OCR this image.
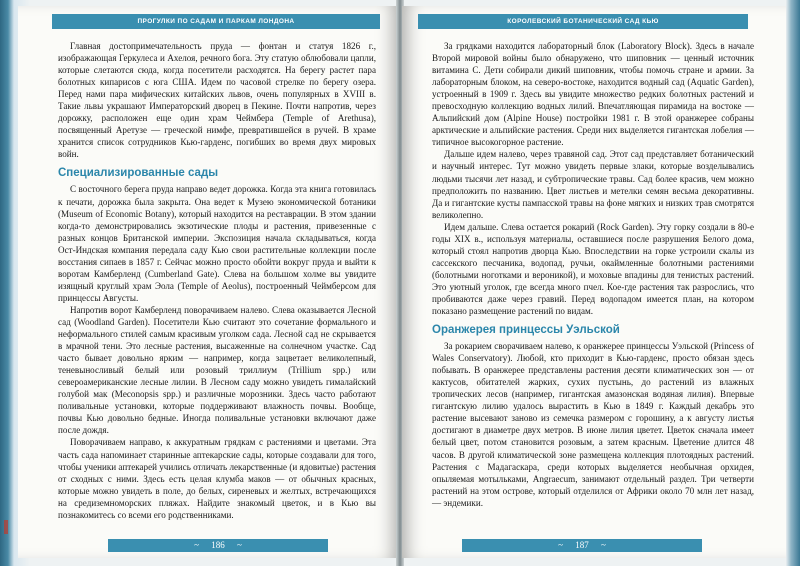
ПРОГУЛКИ ПО САДАМ И ПАРКАМ ЛОНДОНА

Главная достопримечательность пруда — фонтан и статуя 1826 г., изображающая Геркулеса и Ахелоя, речного бога. Эту статую облюбовали цапли, которые слетаются сюда, когда посетители расходятся. На берегу растет пара болотных кипарисов с юга США. Идем по часовой стрелке по берегу озера. Перед нами пара мифических китайских львов, очень популярных в XVIII в. Такие львы украшают Императорский дворец в Пекине. Почти напротив, через дорожку, расположен еще один храм Чеймбера (Temple of Arethusa), посвященный Аретузе — греческой нимфе, превратившейся в ручей. В храме хранится список сотрудников Кью-гарденс, погибших во время двух мировых войн.

Специализированные сады

С восточного берега пруда направо ведет дорожка. Когда эта книга готовилась к печати, дорожка была закрыта. Она ведет к Музею экономической ботаники (Museum of Economic Botany), который находится на реставрации. В этом здании когда-то демонстрировались экзотические плоды и растения, привезенные с разных концов Британской империи. Экспозиция начала складываться, когда Ост-Индская компания передала саду Кью свои растительные коллекции после восстания сипаев в 1857 г. Сейчас можно просто обойти вокруг пруда и выйти к воротам Камберленд (Cumberland Gate). Слева на большом холме вы увидите изящный круглый храм Эола (Temple of Aeolus), построенный Чеймберсом для принцессы Августы.

Напротив ворот Камберленд поворачиваем налево. Слева оказывается Лесной сад (Woodland Garden). Посетители Кью считают это сочетание формального и неформального стилей самым красивым уголком сада. Лесной сад не скрывается в мрачной тени. Это лесные растения, высаженные на солнечном участке. Сад часто бывает довольно ярким — например, когда зацветает великолепный, теневыносливый белый или розовый триллиум (Trillium spp.) или североамериканские лесные лилии. В Лесном саду можно увидеть гималайский голубой мак (Meconopsis spp.) и различные морозники. Здесь часто работают поливальные установки, которые поддерживают влажность почвы. Вообще, почвы Кью довольно бедные. Иногда поливальные установки включают даже после дождя.

Поворачиваем направо, к аккуратным грядкам с растениями и цветами. Эта часть сада напоминает старинные аптекарские сады, которые создавали для того, чтобы ученики аптекарей учились отличать лекарственные (и ядовитые) растения от сходных с ними. Здесь есть целая клумба маков — от обычных красных, которые можно увидеть в поле, до белых, сиреневых и желтых, встречающихся на средиземноморских пляжах. Найдите знакомый цветок, и в Кью вы познакомитесь со всеми его родственниками.

~ 186 ~
КОРОЛЕВСКИЙ БОТАНИЧЕСКИЙ САД КЬЮ

За грядками находится лабораторный блок (Laboratory Block). Здесь в начале Второй мировой войны было обнаружено, что шиповник — ценный источник витамина С. Дети собирали дикий шиповник, чтобы помочь стране и армии. За лабораторным блоком, на северо-востоке, находится водный сад (Aquatic Garden), устроенный в 1909 г. Здесь вы увидите множество редких болотных растений и превосходную коллекцию водных лилий. Впечатляющая пирамида на востоке — Альпийский дом (Alpine House) постройки 1981 г. В этой оранжерее собраны арктические и альпийские растения. Среди них выделяется гигантская лобелия — типичное высокогорное растение.

Дальше идем налево, через травяной сад. Этот сад представляет ботанический и научный интерес. Тут можно увидеть первые злаки, которые возделывались людьми тысячи лет назад, и субтропические травы. Сад более красив, чем можно предположить по названию. Цвет листьев и метелки семян весьма декоративны. Да и гигантские кусты пампасской травы на фоне мягких и низких трав смотрятся великолепно.

Идем дальше. Слева остается рокарий (Rock Garden). Эту горку создали в 80-е годы XIX в., используя материалы, оставшиеся после разрушения Белого дома, который стоял напротив дворца Кью. Впоследствии на горке устроили скалы из сассекского песчаника, водопад, ручьи, окаймленные болотными растениями (болотными ноготками и вероникой), и моховые впадины для тенистых растений. Это уютный уголок, где всегда много пчел. Кое-где растения так разрослись, что пробиваются даже через гравий. Перед водопадом имеется план, на котором показано размещение растений по видам.

Оранжерея принцессы Уэльской

За рокарием сворачиваем налево, к оранжерее принцессы Уэльской (Princess of Wales Conservatory). Любой, кто приходит в Кью-гарденс, просто обязан здесь побывать. В оранжерее представлены растения десяти климатических зон — от кактусов, обитателей жарких, сухих пустынь, до растений из влажных тропических лесов (например, гигантская амазонская водяная лилия). Впервые гигантскую лилию удалось вырастить в Кью в 1849 г. Каждый декабрь это растение высевают заново из семечка размером с горошину, а к августу листья достигают в диаметре двух метров. В июне лилия цветет. Цветок сначала имеет белый цвет, потом становится розовым, а затем красным. Цветение длится 48 часов. В другой климатической зоне размещена коллекция плотоядных растений. Растения с Мадагаскара, среди которых выделяется необычная орхидея, опыляемая мотыльками, Angraecum, занимают отдельный раздел. Три четверти растений на этом острове, который отделился от Африки около 70 млн лет назад, — эндемики.

~ 187 ~
